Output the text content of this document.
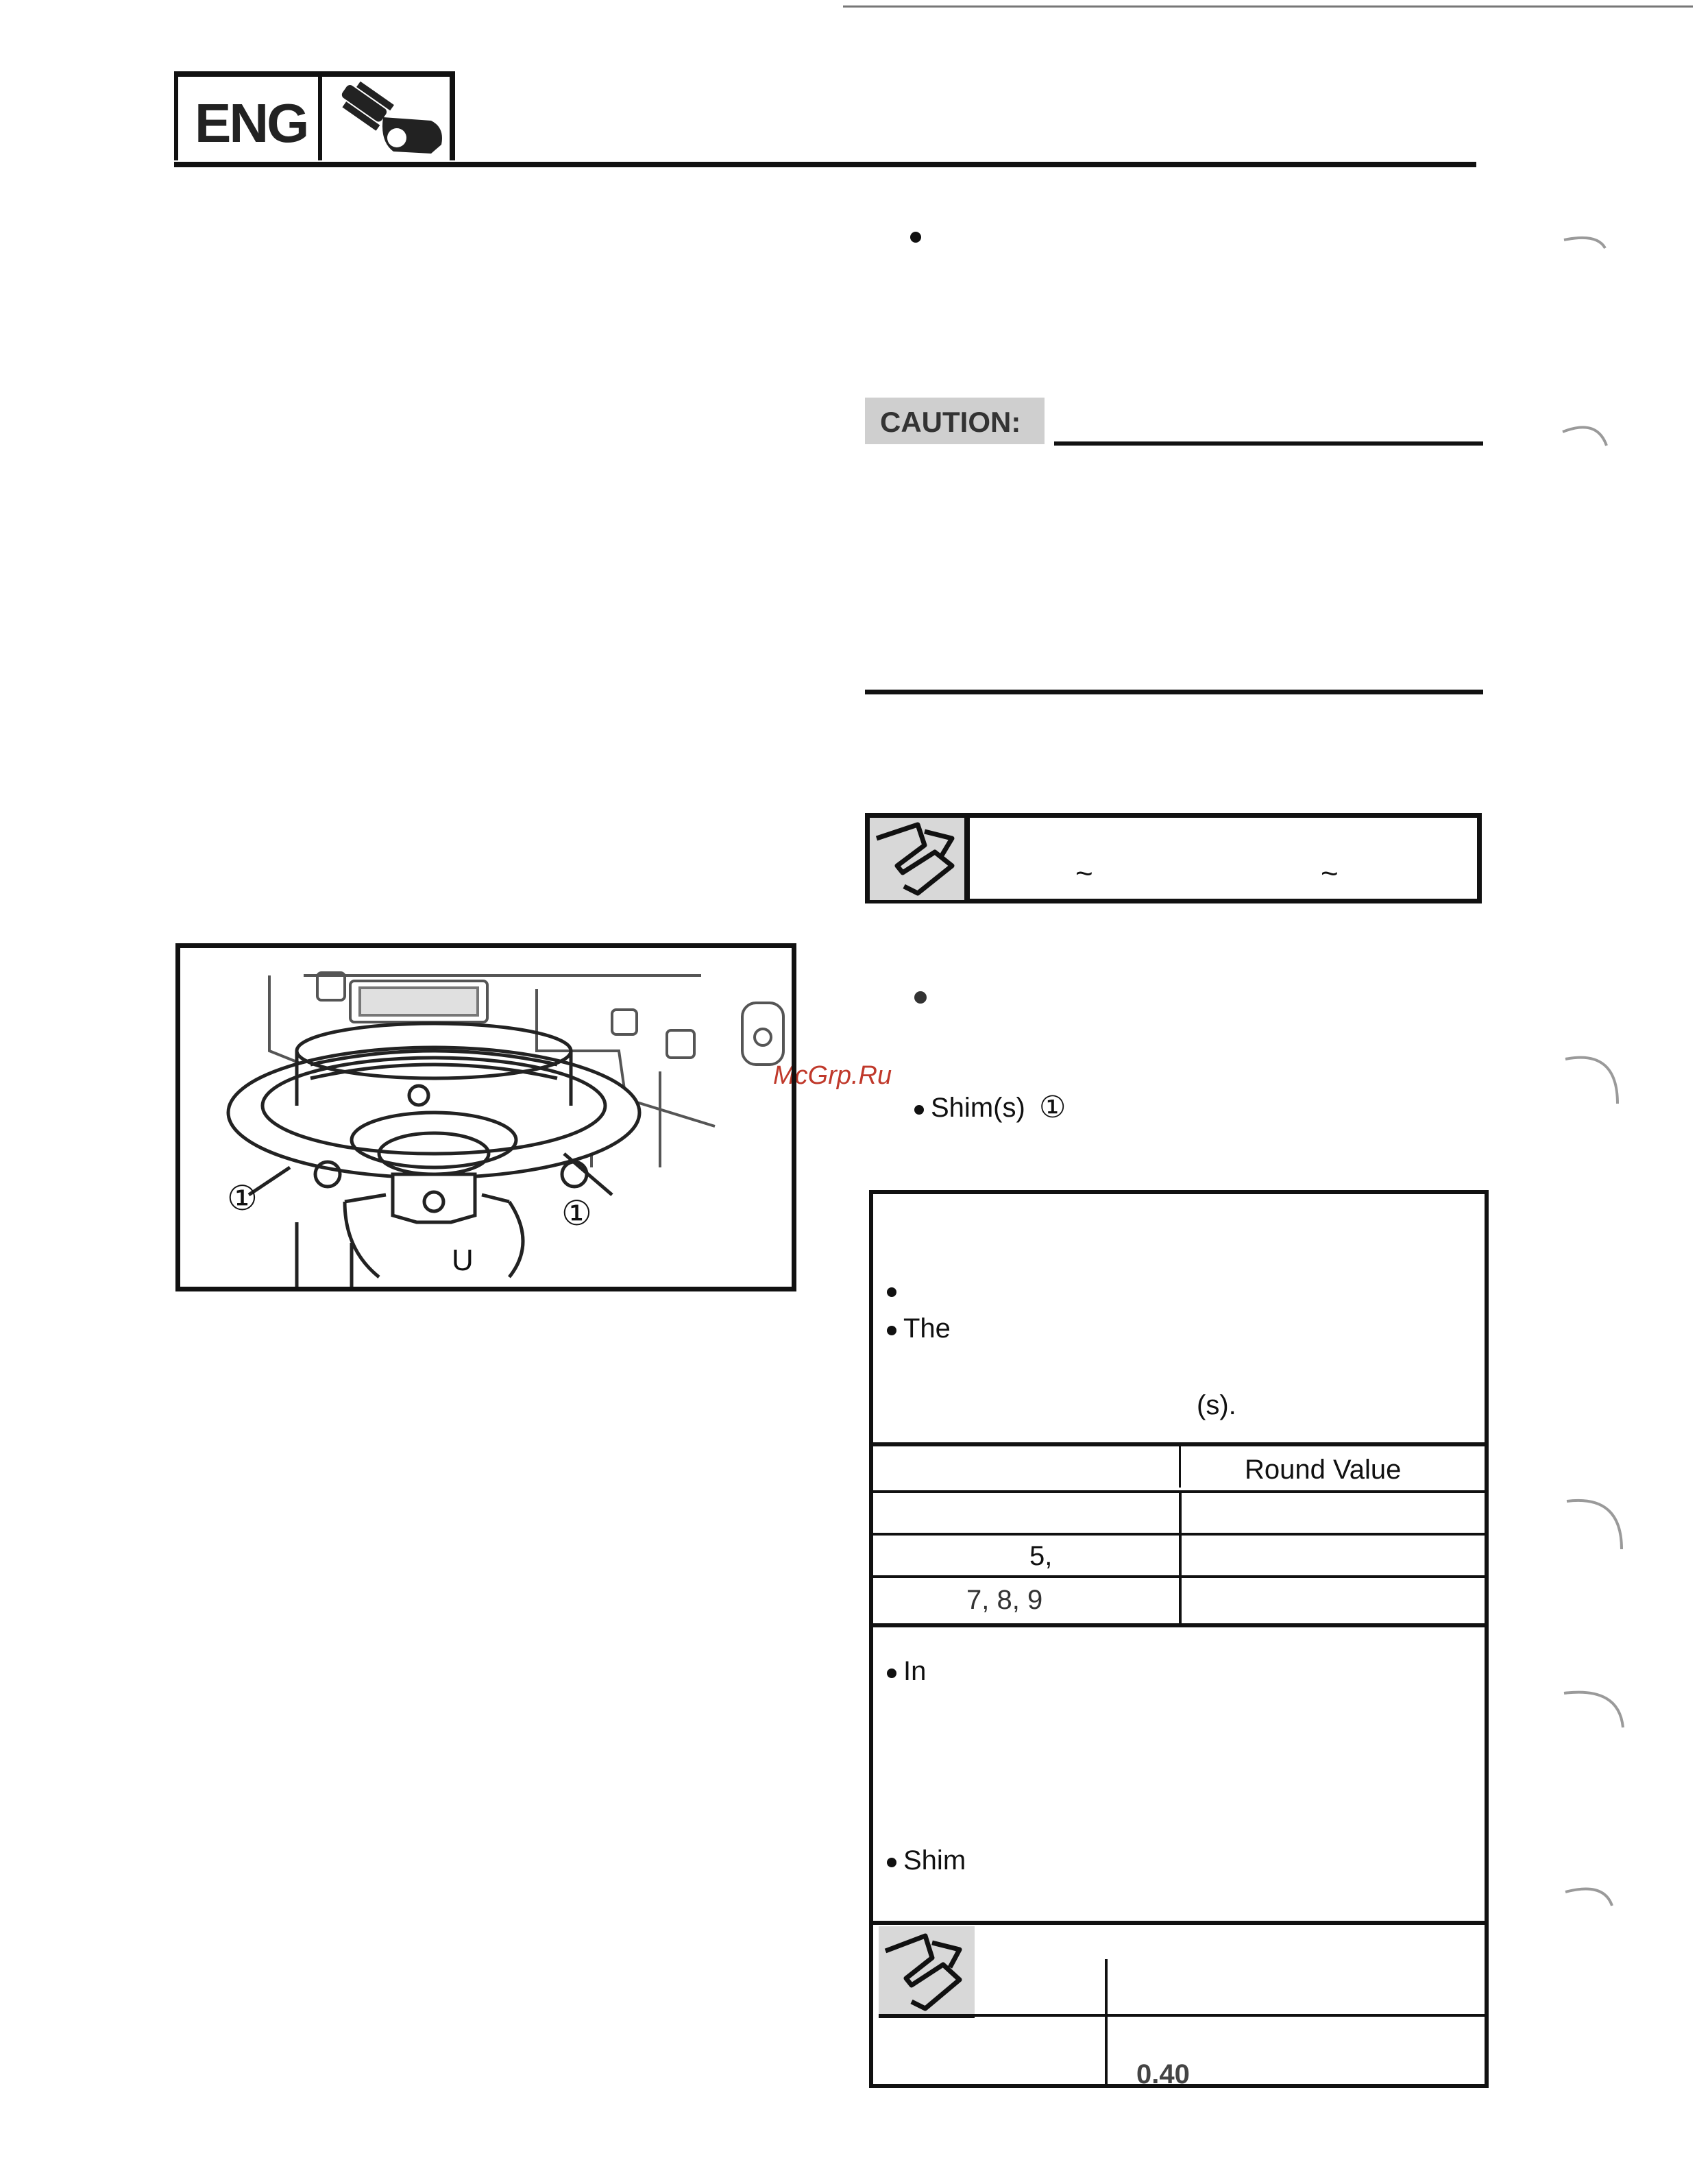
ENG
CAUTION:
~	~
McGrp.Ru
Shim(s) ①
①	①
U
The
(s).
Round Value
5,
7, 8, 9
In
Shim
0.40
